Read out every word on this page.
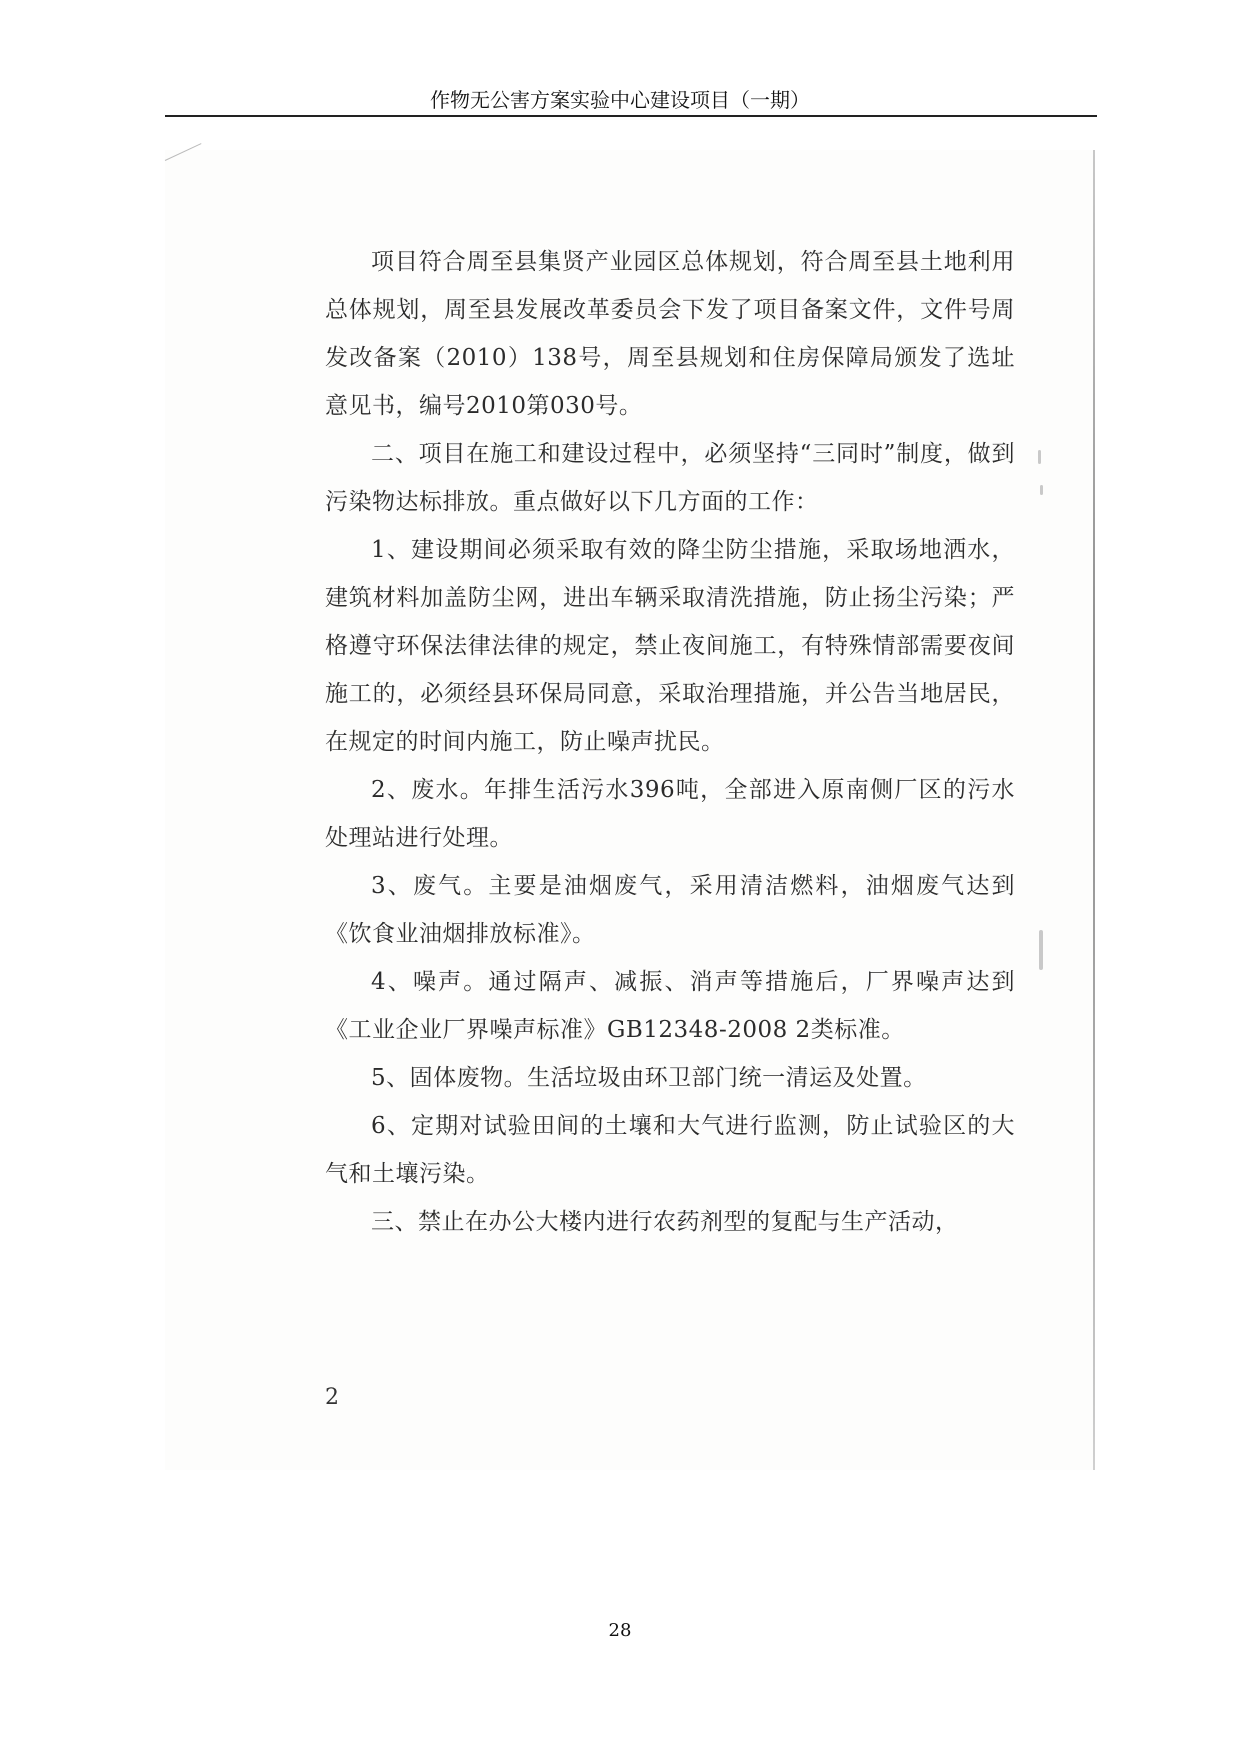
作物无公害方案实验中心建设项目（一期）

项目符合周至县集贤产业园区总体规划，符合周至县土地利用总体规划，周至县发展改革委员会下发了项目备案文件，文件号周发改备案（2010）138号，周至县规划和住房保障局颁发了选址意见书，编号2010第030号。

二、项目在施工和建设过程中，必须坚持“三同时”制度，做到污染物达标排放。重点做好以下几方面的工作：

1、建设期间必须采取有效的降尘防尘措施，采取场地洒水，建筑材料加盖防尘网，进出车辆采取清洗措施，防止扬尘污染；严格遵守环保法律法律的规定，禁止夜间施工，有特殊情部需要夜间施工的，必须经县环保局同意，采取治理措施，并公告当地居民，在规定的时间内施工，防止噪声扰民。

2、废水。年排生活污水396吨，全部进入原南侧厂区的污水处理站进行处理。

3、废气。主要是油烟废气，采用清洁燃料，油烟废气达到《饮食业油烟排放标准》。

4、噪声。通过隔声、减振、消声等措施后，厂界噪声达到《工业企业厂界噪声标准》GB12348-2008 2类标准。

5、固体废物。生活垃圾由环卫部门统一清运及处置。

6、定期对试验田间的土壤和大气进行监测，防止试验区的大气和土壤污染。

三、禁止在办公大楼内进行农药剂型的复配与生产活动，

2
28
